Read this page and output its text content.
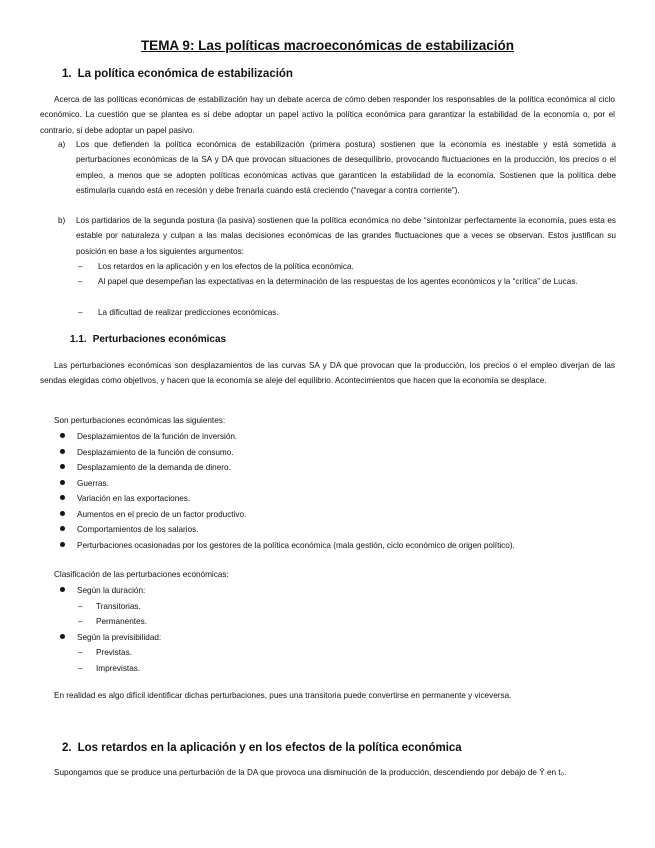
TEMA 9: Las políticas macroeconómicas de estabilización
1. La política económica de estabilización
Acerca de las políticas económicas de estabilización hay un debate acerca de cómo deben responder los responsables de la política económica al ciclo económico. La cuestión que se plantea es si debe adoptar un papel activo la política económica para garantizar la estabilidad de la economía o, por el contrario, si debe adoptar un papel pasivo.
a)	Los que defienden la política económica de estabilización (primera postura) sostienen que la economía es inestable y está sometida a perturbaciones económicas de la SA y DA que provocan situaciones de desequilibrio, provocando fluctuaciones en la producción, los precios o el empleo, a menos que se adopten políticas económicas activas que garanticen la estabilidad de la economía. Sostienen que la política debe estimularla cuando está en recesión y debe frenarla cuando está creciendo (“navegar a contra corriente”).
b)	Los partidarios de la segunda postura (la pasiva) sostienen que la política económica no debe “sintonizar perfectamente la economía, pues esta es estable por naturaleza y culpan a las malas decisiones económicas de las grandes fluctuaciones que a veces se observan. Estos justifican su posición en base a los siguientes argumentos:
– Los retardos en la aplicación y en los efectos de la política económica.
– Al papel que desempeñan las expectativas en la determinación de las respuestas de los agentes económicos y la “crítica” de Lucas.
– La dificultad de realizar predicciones económicas.
1.1. Perturbaciones económicas
Las perturbaciones económicas son desplazamientos de las curvas SA y DA que provocan que la producción, los precios o el empleo diverjan de las sendas elegidas como objetivos, y hacen que la economía se aleje del equilibrio. Acontecimientos que hacen que la economía se desplace.
Son perturbaciones económicas las siguientes:
Desplazamientos de la función de inversión.
Desplazamiento de la función de consumo.
Desplazamiento de la demanda de dinero.
Guerras.
Variación en las exportaciones.
Aumentos en el precio de un factor productivo.
Comportamientos de los salarios.
Perturbaciones ocasionadas por los gestores de la política económica (mala gestión, ciclo económico de origen político).
Clasificación de las perturbaciones económicas:
Según la duración:
– Transitorias.
– Permanentes.
Según la previsibilidad:
– Previstas.
– Imprevistas.
En realidad es algo difícil identificar dichas perturbaciones, pues una transitoria puede convertirse en permanente y viceversa.
2. Los retardos en la aplicación y en los efectos de la política económica
Supongamos que se produce una perturbación de la DA que provoca una disminución de la producción, descendiendo por debajo de Ȳ en t₀.
